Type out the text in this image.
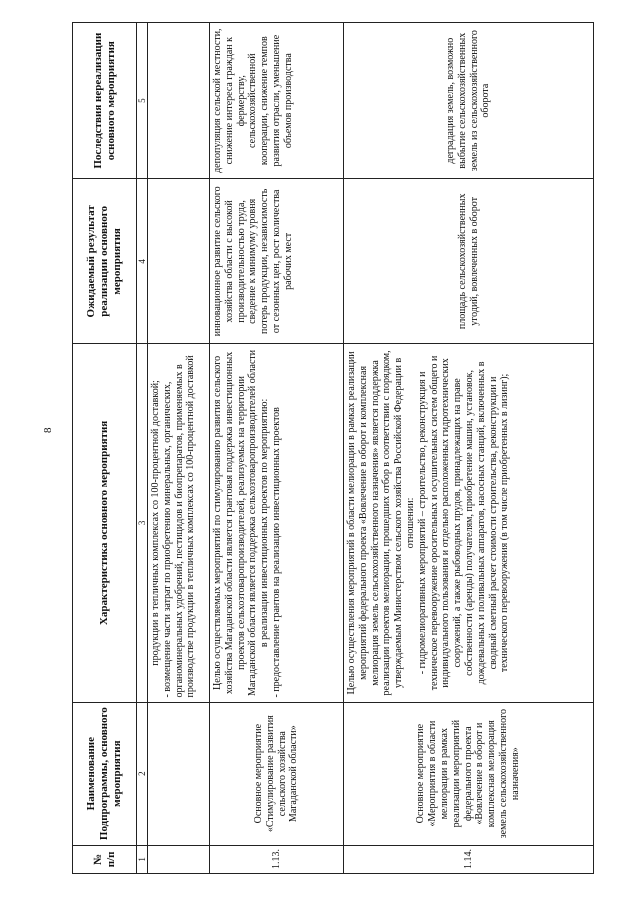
8
№ п/п	Наименование Подпрограммы, основного мероприятия	Характеристика основного мероприятия	Ожидаемый результат реализации основного мероприятия	Последствия нереализации основного мероприятия
1	2	3	4	5

		продукции в тепличных комплексах со 100-процентной доставкой; - возмещение части затрат по приобретению минеральных, органических, органоминеральных удобрений, пестицидов и биопрепаратов, применяемых в производстве продукции в тепличных комплексах со 100-процентной доставкой		

1.13.	Основное мероприятие «Стимулирование развития сельского хозяйства Магаданской области»	Целью осуществляемых мероприятий по стимулированию развития сельского хозяйства Магаданской области является грантовая поддержка инвестиционных проектов сельхозтоваропроизводителей, реализуемых на территории Магаданской области является поддержка сельхозтоваропроизводителей области в реализации инвестиционных проектов по мероприятию: - предоставление грантов на реализацию инвестиционных проектов	инновационное развитие сельского хозяйства области с высокой производительностью труда, сведение к минимуму уровня потерь продукции, независимость от сезонных цен, рост количества рабочих мест	депопуляция сельской местности, снижение интереса граждан к фермерству, сельскохозяйственной кооперации, снижение темпов развития отрасли, уменьшение объемов производства
1.14.	Основное мероприятие «Мероприятия в области мелиорации в рамках реализации мероприятий федерального проекта «Вовлечение в оборот и комплексная мелиорация земель сельскохозяйственного назначения»	Целью осуществления мероприятий в области мелиорации в рамках реализации мероприятий федерального проекта «Вовлечение в оборот и комплексная мелиорация земель сельскохозяйственного назначения» является поддержка реализации проектов мелиорации, прошедших отбор в соответствии с порядком, утверждаемым Министерством сельского хозяйства Российской Федерации в отношении: - гидромелиоративных мероприятий – строительство, реконструкция и техническое перевооружение оросительных и осушительных систем общего и индивидуального пользования и отдельно расположенных гидротехнических сооружений, а также рыбоводных прудов, принадлежащих на праве собственности (аренды) получателям, приобретение машин, установок, дождевальных и поливальных аппаратов, насосных станций, включенных в сводный сметный расчет стоимости строительства, реконструкции и технического перевооружения (в том числе приобретенных в лизинг);	площадь сельскохозяйственных угодий, вовлеченных в оборот	деградация земель, возможно выбытие сельскохозяйственных земель из сельскохозяйственного оборота
